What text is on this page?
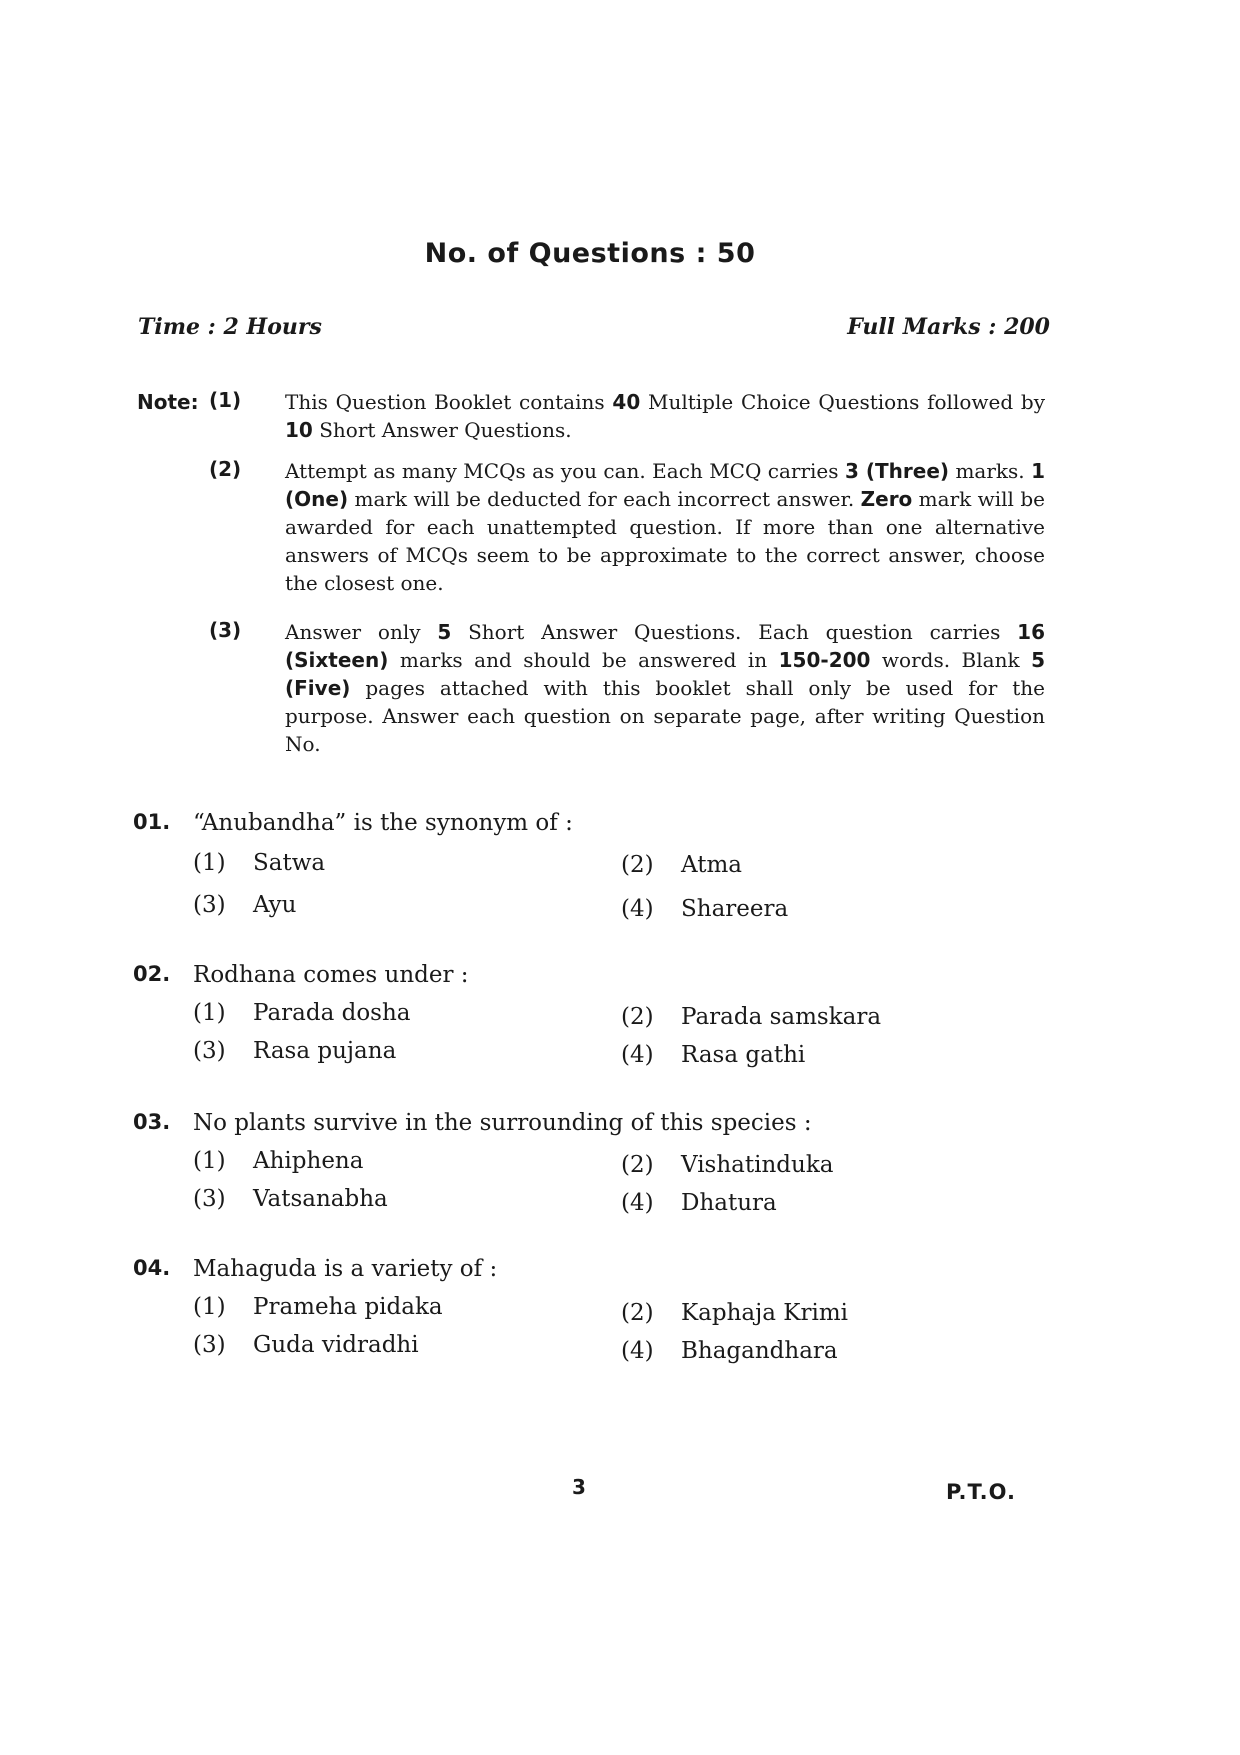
No. of Questions : 50
Time : 2 Hours	Full Marks : 200
Note: (1) This Question Booklet contains 40 Multiple Choice Questions followed by 10 Short Answer Questions.
(2) Attempt as many MCQs as you can. Each MCQ carries 3 (Three) marks. 1 (One) mark will be deducted for each incorrect answer. Zero mark will be awarded for each unattempted question. If more than one alternative answers of MCQs seem to be approximate to the correct answer, choose the closest one.
(3) Answer only 5 Short Answer Questions. Each question carries 16 (Sixteen) marks and should be answered in 150-200 words. Blank 5 (Five) pages attached with this booklet shall only be used for the purpose. Answer each question on separate page, after writing Question No.
01. “Anubandha” is the synonym of :
(1) Satwa	(2) Atma
(3) Ayu	(4) Shareera
02. Rodhana comes under :
(1) Parada dosha	(2) Parada samskara
(3) Rasa pujana	(4) Rasa gathi
03. No plants survive in the surrounding of this species :
(1) Ahiphena	(2) Vishatinduka
(3) Vatsanabha	(4) Dhatura
04. Mahaguda is a variety of :
(1) Prameha pidaka	(2) Kaphaja Krimi
(3) Guda vidradhi	(4) Bhagandhara
3	P.T.O.
